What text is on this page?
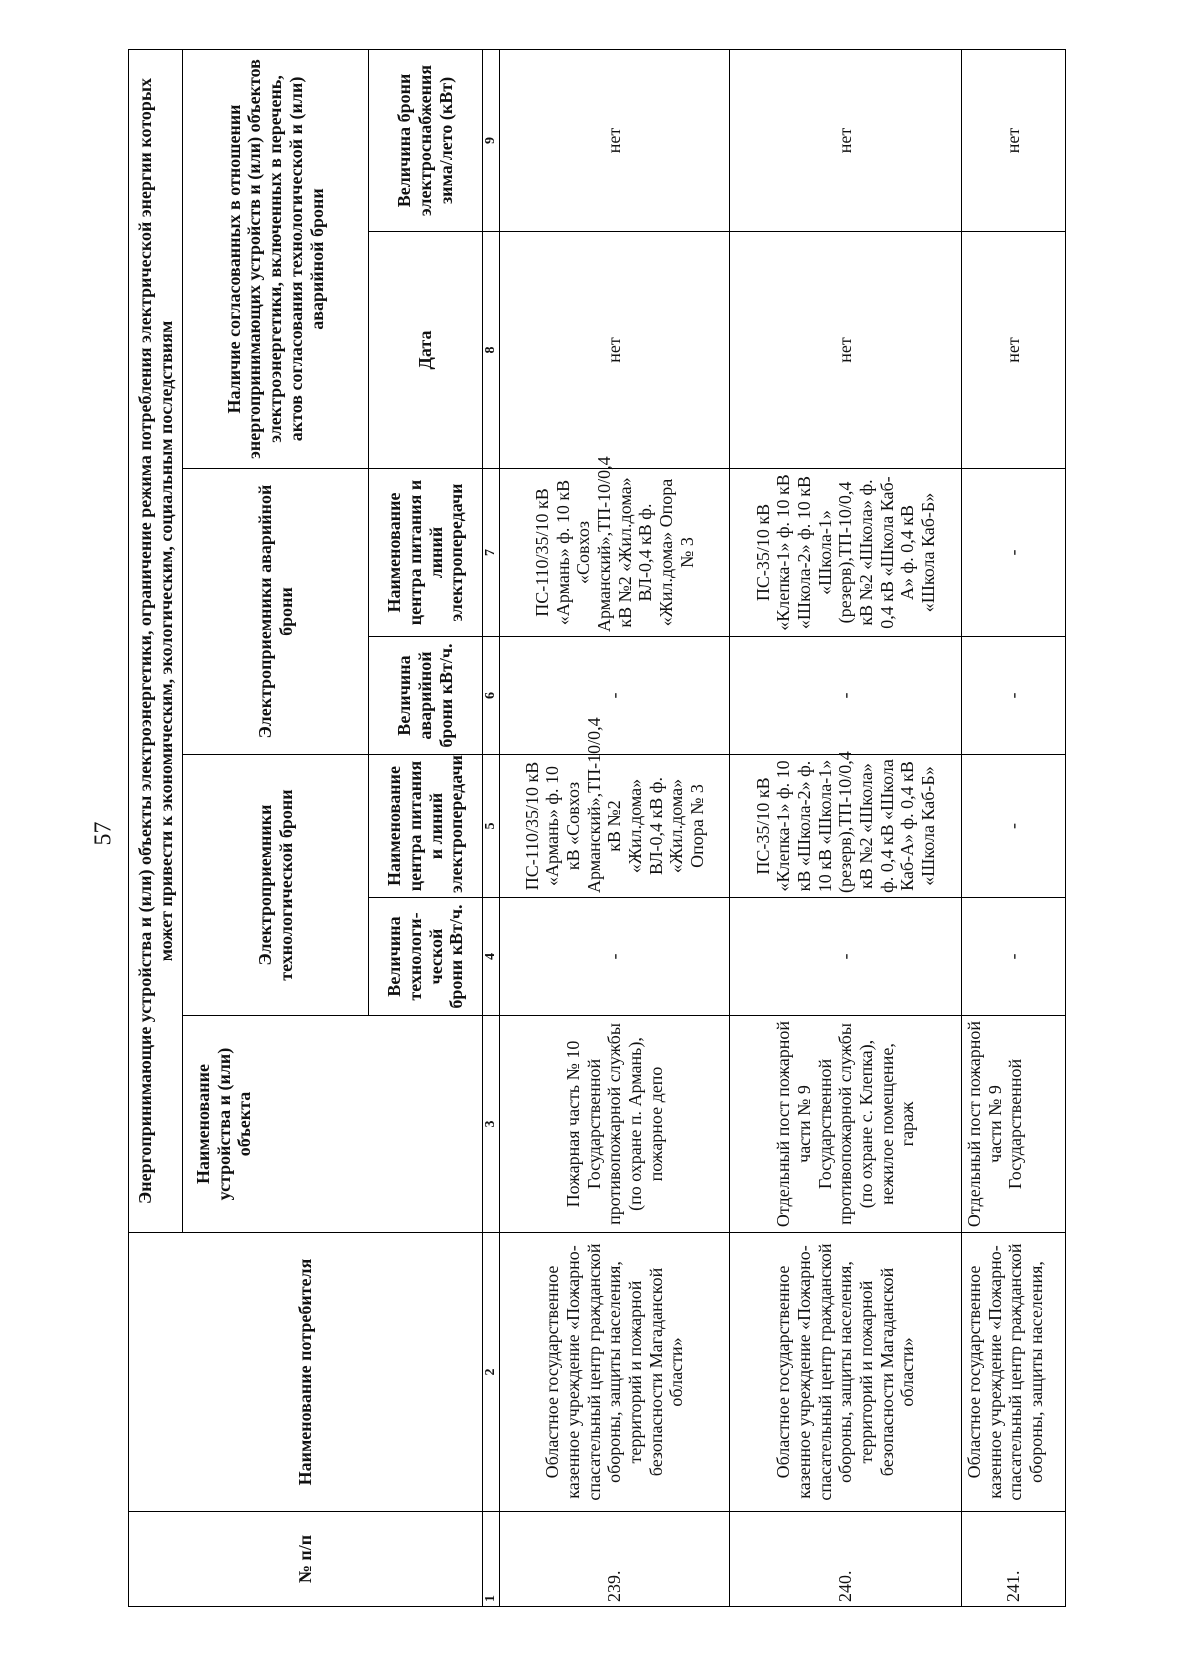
57
№ п/п	Наименование потребителя	Энергопринимающие устройства и (или) объекты электроэнергетики, ограничение режима потребления электрической энергии которых может привести к экономическим, экологическим, социальным последствиям						
		Наименование устройства и (или) объекта	Электроприемники технологической брони		Электроприемники аварийной брони		Наличие согласованных в отношении энергопринимающих устройств и (или) объектов электроэнергетики, включенных в перечень, актов согласования технологической и (или) аварийной брони	
			Величина технологи-ческой брони кВт/ч.	Наименование центра питания и линий электропередачи	Величина аварийной брони кВт/ч.	Наименование центра питания и линий электропередачи	Дата	Величина брони электроснабжения зима/лето (кВт)
1	2	3	4	5	6	7	8	9
239.	Областное государственное казенное учреждение «Пожарно-спасательный центр гражданской обороны, защиты населения, территорий и пожарной безопасности Магаданской области»	Пожарная часть № 10 Государственной противопожарной службы (по охране п. Армань), пожарное депо	-	ПС-110/35/10 кВ «Армань» ф. 10 кВ «Совхоз Арманский»,ТП-10/0,4 кВ №2 «Жил.дома» ВЛ-0,4 кВ ф. «Жил.дома» Опора № 3	-	ПС-110/35/10 кВ «Армань» ф. 10 кВ «Совхоз Арманский»,ТП-10/0,4 кВ №2 «Жил.дома» ВЛ-0,4 кВ ф. «Жил.дома» Опора № 3	нет	нет
240.	Областное государственное казенное учреждение «Пожарно-спасательный центр гражданской обороны, защиты населения, территорий и пожарной безопасности Магаданской области»	Отдельный пост пожарной части № 9 Государственной противопожарной службы (по охране с. Клепка), нежилое помещение, гараж	-	ПС-35/10 кВ «Клепка-1» ф. 10 кВ «Школа-2» ф. 10 кВ «Школа-1» (резерв),ТП-10/0,4 кВ №2 «Школа» ф. 0,4 кВ «Школа Каб-А» ф. 0,4 кВ «Школа Каб-Б»	-	ПС-35/10 кВ «Клепка-1» ф. 10 кВ «Школа-2» ф. 10 кВ «Школа-1» (резерв),ТП-10/0,4 кВ №2 «Школа» ф. 0,4 кВ «Школа Каб-А» ф. 0,4 кВ «Школа Каб-Б»	нет	нет
241.	Областное государственное казенное учреждение «Пожарно-спасательный центр гражданской обороны, защиты населения,	Отдельный пост пожарной части № 9 Государственной	-	-	-	-	нет	нет
